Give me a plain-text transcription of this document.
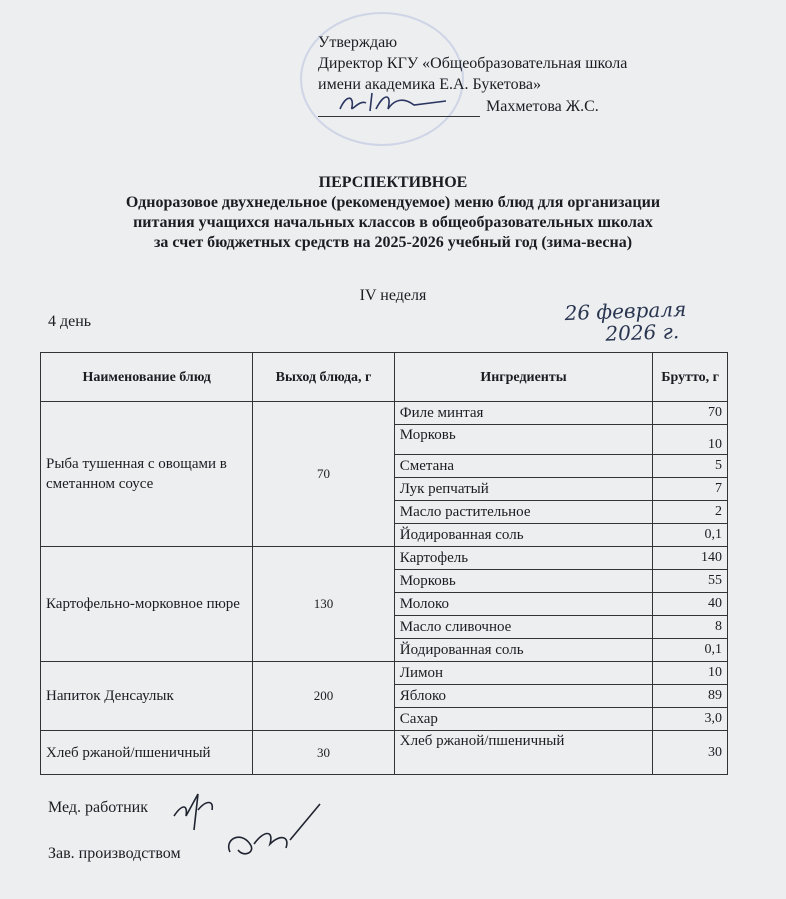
Утверждаю
Директор КГУ «Общеобразовательная школа
имени академика Е.А. Букетова»
Махметова Ж.С.
ПЕРСПЕКТИВНОЕ
Одноразовое двухнедельное (рекомендуемое) меню блюд для организации
питания учащихся начальных классов в общеобразовательных школах
за счет бюджетных средств на 2025-2026 учебный год (зима-весна)
IV неделя
4 день	26 февраля
2026 г.
Наименование блюд	Выход блюда, г	Ингредиенты	Брутто, г
Рыба тушенная с овощами в сметанном соусе	70	Филе минтая	70
		Морковь	10
		Сметана	5
		Лук репчатый	7
		Масло растительное	2
		Йодированная соль	0,1
Картофельно-морковное пюре	130	Картофель	140
		Морковь	55
		Молоко	40
		Масло сливочное	8
		Йодированная соль	0,1
Напиток Денсаулык	200	Лимон	10
		Яблоко	89
		Сахар	3,0
Хлеб ржаной/пшеничный	30	Хлеб ржаной/пшеничный	30
Мед. работник
Зав. производством
